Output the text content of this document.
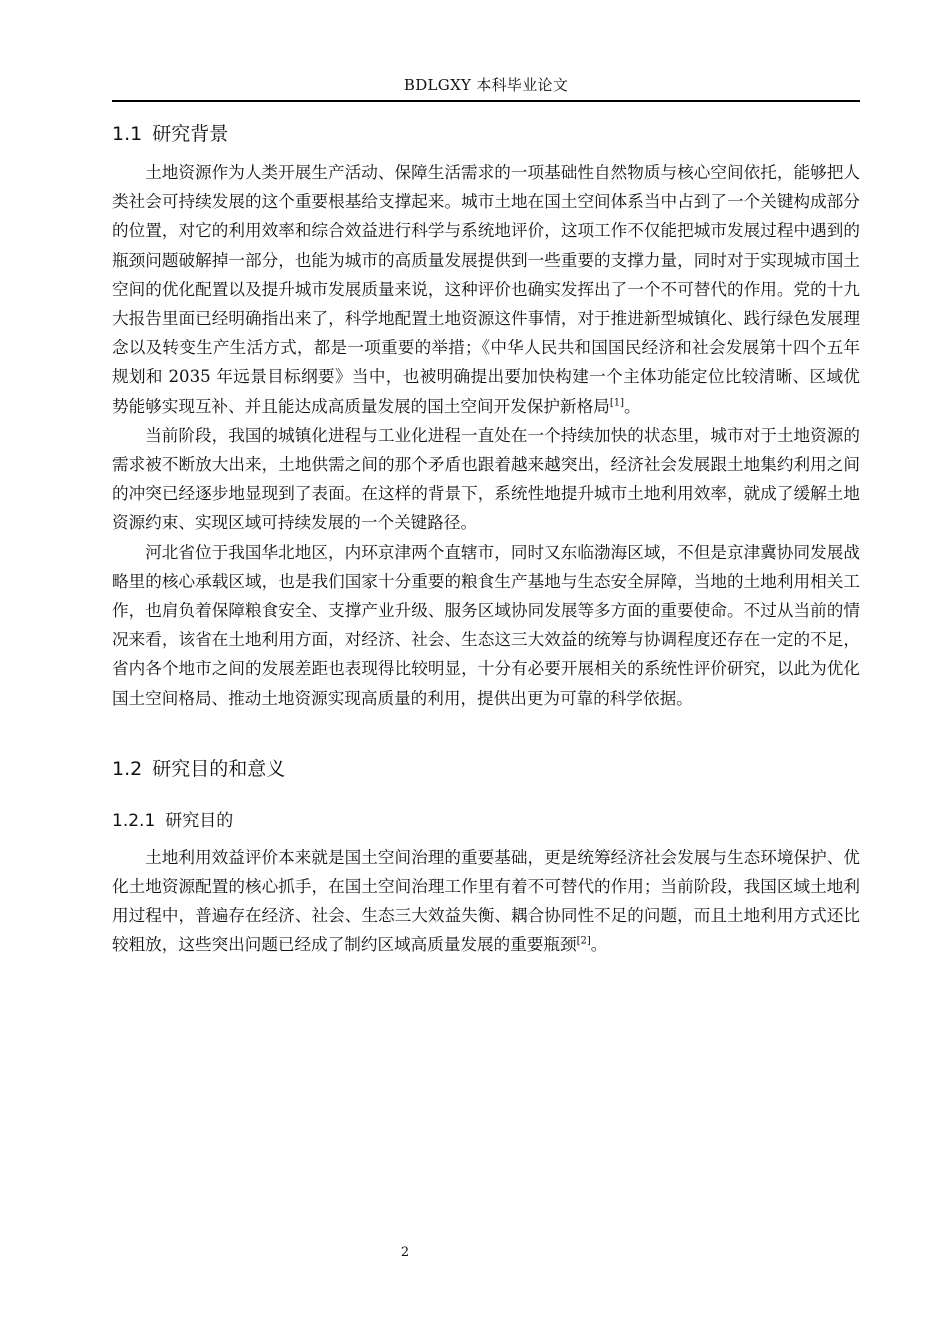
BDLGXY 本科毕业论文
1.1 研究背景

土地资源作为人类开展生产活动、保障生活需求的一项基础性自然物质与核心空间依托，能够把人类社会可持续发展的这个重要根基给支撑起来。城市土地在国土空间体系当中占到了一个关键构成部分的位置，对它的利用效率和综合效益进行科学与系统地评价，这项工作不仅能把城市发展过程中遇到的瓶颈问题破解掉一部分，也能为城市的高质量发展提供到一些重要的支撑力量，同时对于实现城市国土空间的优化配置以及提升城市发展质量来说，这种评价也确实发挥出了一个不可替代的作用。党的十九大报告里面已经明确指出来了，科学地配置土地资源这件事情，对于推进新型城镇化、践行绿色发展理念以及转变生产生活方式，都是一项重要的举措；《中华人民共和国国民经济和社会发展第十四个五年规划和 2035 年远景目标纲要》当中，也被明确提出要加快构建一个主体功能定位比较清晰、区域优势能够实现互补、并且能达成高质量发展的国土空间开发保护新格局[1]。

当前阶段，我国的城镇化进程与工业化进程一直处在一个持续加快的状态里，城市对于土地资源的需求被不断放大出来，土地供需之间的那个矛盾也跟着越来越突出，经济社会发展跟土地集约利用之间的冲突已经逐步地显现到了表面。在这样的背景下，系统性地提升城市土地利用效率，就成了缓解土地资源约束、实现区域可持续发展的一个关键路径。

河北省位于我国华北地区，内环京津两个直辖市，同时又东临渤海区域，不但是京津冀协同发展战略里的核心承载区域，也是我们国家十分重要的粮食生产基地与生态安全屏障，当地的土地利用相关工作，也肩负着保障粮食安全、支撑产业升级、服务区域协同发展等多方面的重要使命。不过从当前的情况来看，该省在土地利用方面，对经济、社会、生态这三大效益的统筹与协调程度还存在一定的不足，省内各个地市之间的发展差距也表现得比较明显，十分有必要开展相关的系统性评价研究，以此为优化国土空间格局、推动土地资源实现高质量的利用，提供出更为可靠的科学依据。

1.2 研究目的和意义
1.2.1 研究目的

土地利用效益评价本来就是国土空间治理的重要基础，更是统筹经济社会发展与生态环境保护、优化土地资源配置的核心抓手，在国土空间治理工作里有着不可替代的作用；当前阶段，我国区域土地利用过程中，普遍存在经济、社会、生态三大效益失衡、耦合协同性不足的问题，而且土地利用方式还比较粗放，这些突出问题已经成了制约区域高质量发展的重要瓶颈[2]。

2
